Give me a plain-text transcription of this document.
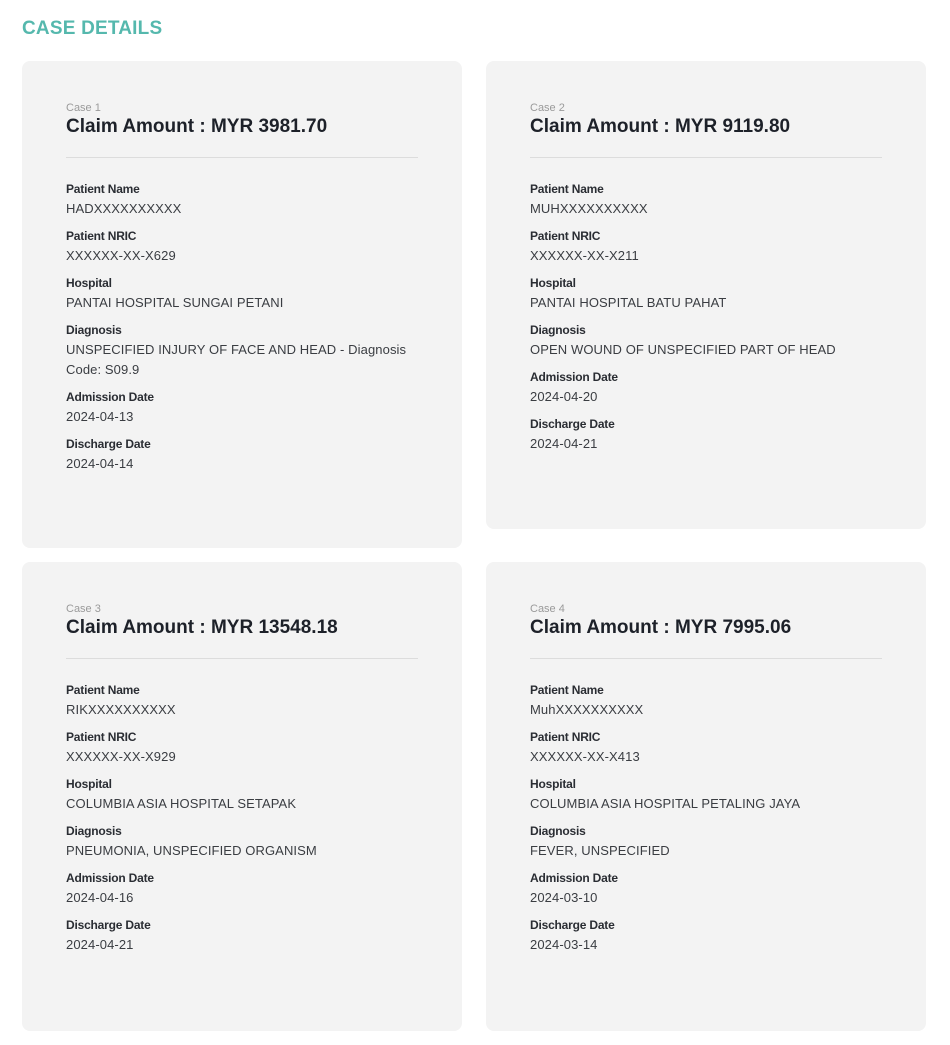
CASE DETAILS
Case 1
Claim Amount : MYR 3981.70
Patient Name
HADXXXXXXXXXX
Patient NRIC
XXXXXX-XX-X629
Hospital
PANTAI HOSPITAL SUNGAI PETANI
Diagnosis
UNSPECIFIED INJURY OF FACE AND HEAD - Diagnosis Code: S09.9
Admission Date
2024-04-13
Discharge Date
2024-04-14
Case 2
Claim Amount : MYR 9119.80
Patient Name
MUHXXXXXXXXXX
Patient NRIC
XXXXXX-XX-X211
Hospital
PANTAI HOSPITAL BATU PAHAT
Diagnosis
OPEN WOUND OF UNSPECIFIED PART OF HEAD
Admission Date
2024-04-20
Discharge Date
2024-04-21
Case 3
Claim Amount : MYR 13548.18
Patient Name
RIKXXXXXXXXXX
Patient NRIC
XXXXXX-XX-X929
Hospital
COLUMBIA ASIA HOSPITAL SETAPAK
Diagnosis
PNEUMONIA, UNSPECIFIED ORGANISM
Admission Date
2024-04-16
Discharge Date
2024-04-21
Case 4
Claim Amount : MYR 7995.06
Patient Name
MuhXXXXXXXXXX
Patient NRIC
XXXXXX-XX-X413
Hospital
COLUMBIA ASIA HOSPITAL PETALING JAYA
Diagnosis
FEVER, UNSPECIFIED
Admission Date
2024-03-10
Discharge Date
2024-03-14
